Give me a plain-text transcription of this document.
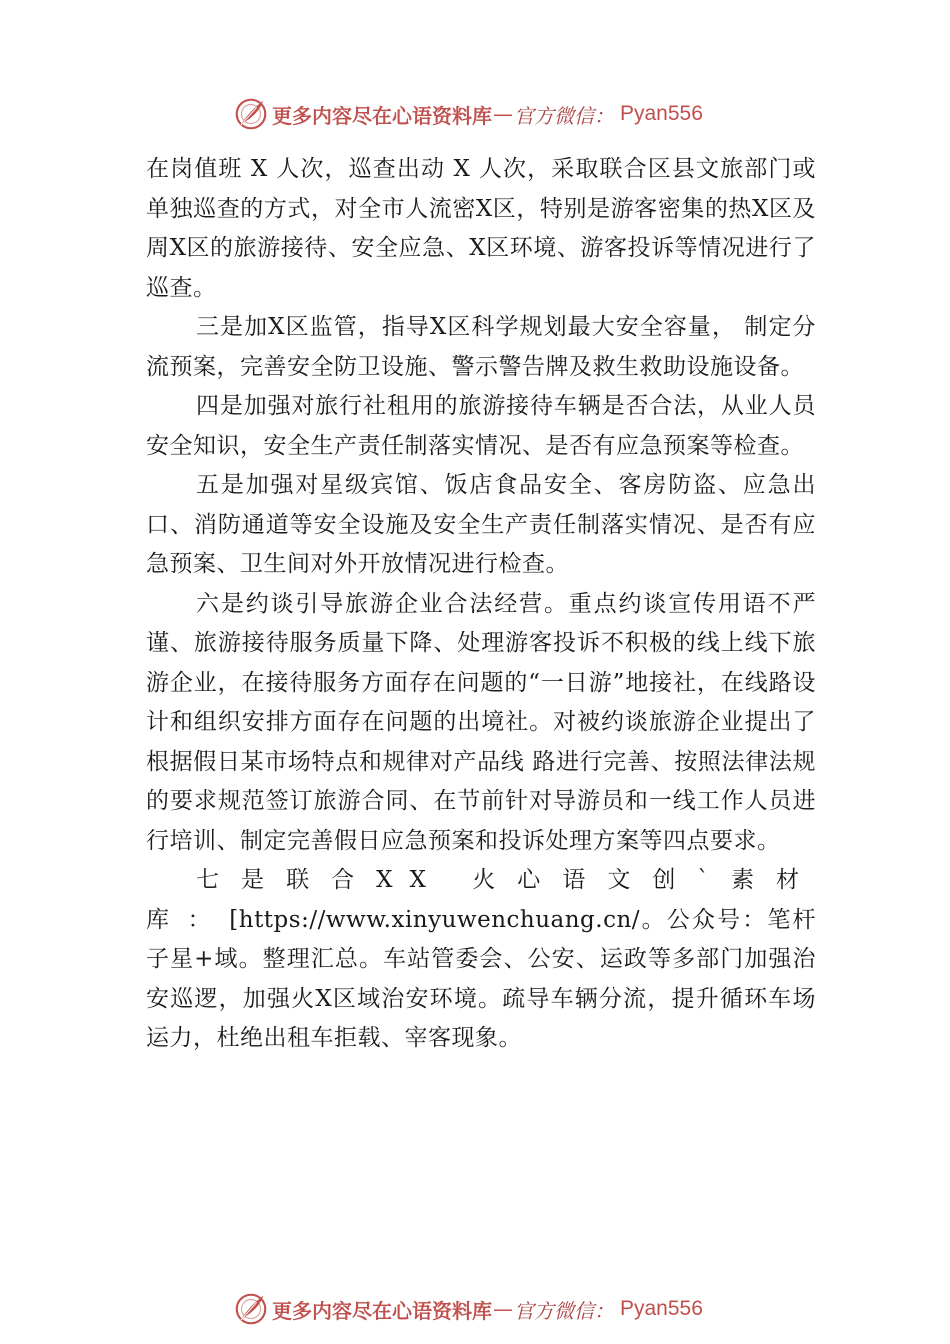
更多内容尽在心语资料库 — 官方微信： Pyan556

在岗值班 X 人次，巡查出动 X 人次，采取联合区县文旅部门或单独巡查的方式，对全市人流密X区，特别是游客密集的热X区及周X区的旅游接待、安全应急、X区环境、游客投诉等情况进行了巡查。

三是加X区监管，指导X区科学规划最大安全容量， 制定分流预案，完善安全防卫设施、警示警告牌及救生救助设施设备。

四是加强对旅行社租用的旅游接待车辆是否合法，从业人员安全知识，安全生产责任制落实情况、是否有应急预案等检查。

五是加强对星级宾馆、饭店食品安全、客房防盗、应急出口、消防通道等安全设施及安全生产责任制落实情况、是否有应急预案、卫生间对外开放情况进行检查。

六是约谈引导旅游企业合法经营。重点约谈宣传用语不严谨、旅游接待服务质量下降、处理游客投诉不积极的线上线下旅游企业，在接待服务方面存在问题的“一日游”地接社，在线路设计和组织安排方面存在问题的出境社。对被约谈旅游企业提出了根据假日某市场特点和规律对产品线 路进行完善、按照法律法规的要求规范签订旅游合同、在节前针对导游员和一线工作人员进行培训、制定完善假日应急预案和投诉处理方案等四点要求。

七是联合XX 火心语文创`素材库：[https://www.xinyuwenchuang.cn/。公众号：笔杆子星+域。整理汇总。车站管委会、公安、运政等多部门加强治安巡逻，加强火X区域治安环境。疏导车辆分流，提升循环车场运力，杜绝出租车拒载、宰客现象。

更多内容尽在心语资料库 — 官方微信： Pyan556
